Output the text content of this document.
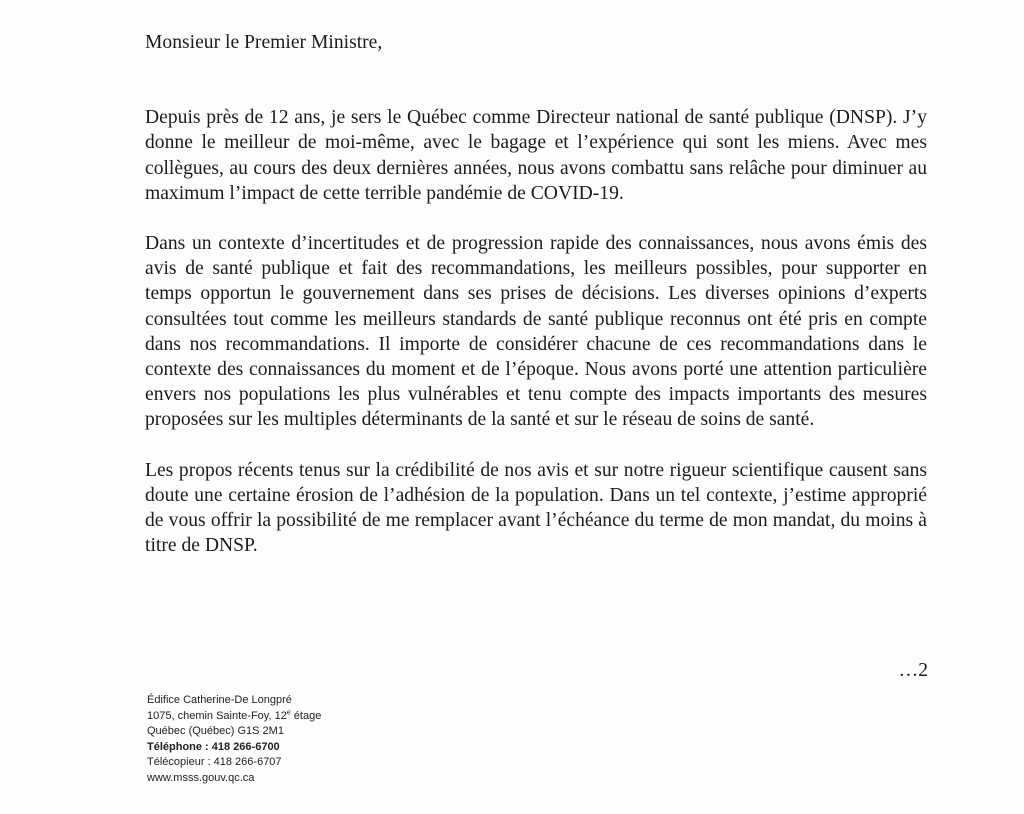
Monsieur le Premier Ministre,

Depuis près de 12 ans, je sers le Québec comme Directeur national de santé publique (DNSP). J’y donne le meilleur de moi-même, avec le bagage et l’expérience qui sont les miens. Avec mes collègues, au cours des deux dernières années, nous avons combattu sans relâche pour diminuer au maximum l’impact de cette terrible pandémie de COVID-19.

Dans un contexte d’incertitudes et de progression rapide des connaissances, nous avons émis des avis de santé publique et fait des recommandations, les meilleurs possibles, pour supporter en temps opportun le gouvernement dans ses prises de décisions. Les diverses opinions d’experts consultées tout comme les meilleurs standards de santé publique reconnus ont été pris en compte dans nos recommandations. Il importe de considérer chacune de ces recommandations dans le contexte des connaissances du moment et de l’époque. Nous avons porté une attention particulière envers nos populations les plus vulnérables et tenu compte des impacts importants des mesures proposées sur les multiples déterminants de la santé et sur le réseau de soins de santé.

Les propos récents tenus sur la crédibilité de nos avis et sur notre rigueur scientifique causent sans doute une certaine érosion de l’adhésion de la population. Dans un tel contexte, j’estime approprié de vous offrir la possibilité de me remplacer avant l’échéance du terme de mon mandat, du moins à titre de DNSP.

…2
Édifice Catherine-De Longpré
1075, chemin Sainte-Foy, 12e étage
Québec (Québec) G1S 2M1
Téléphone : 418 266-6700
Télécopieur : 418 266-6707
www.msss.gouv.qc.ca
